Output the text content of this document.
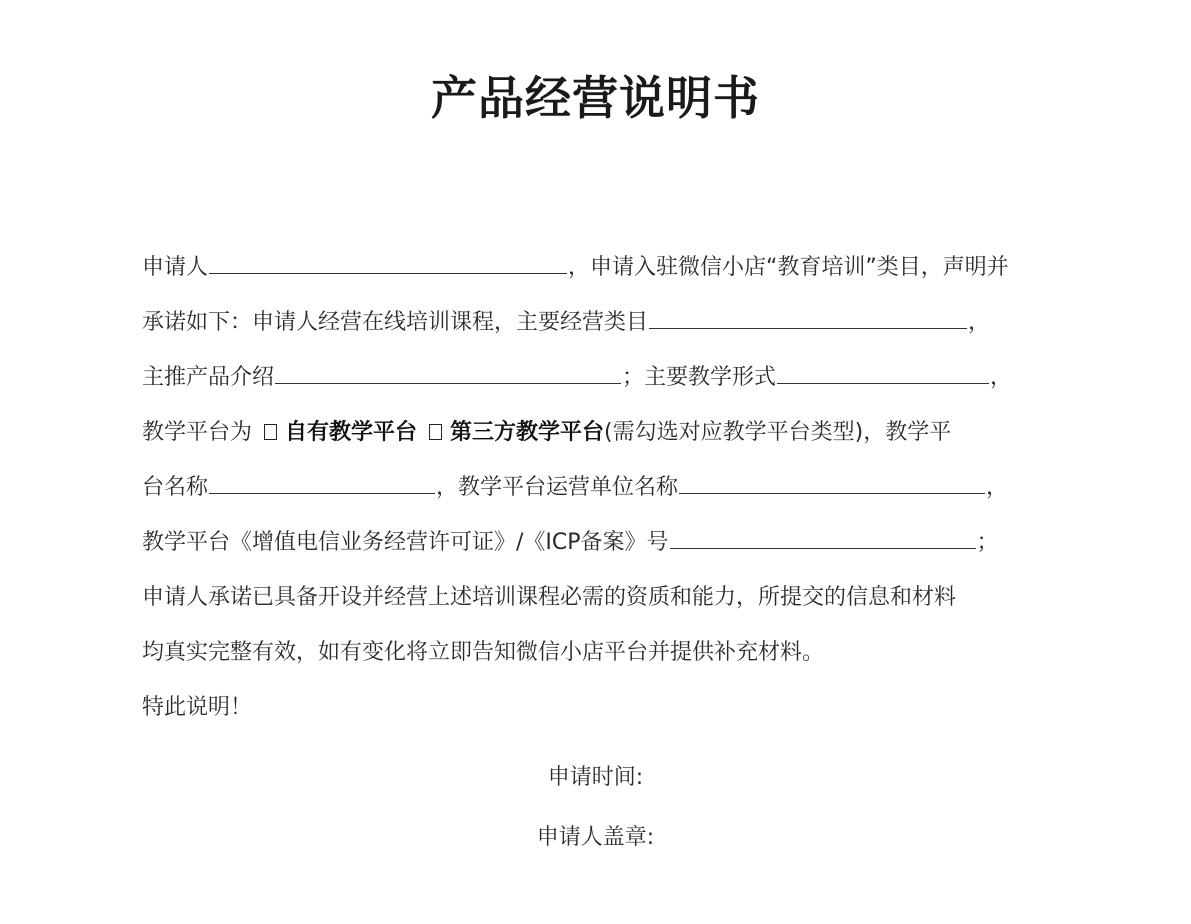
产品经营说明书
申请人	，申请入驻微信小店“教育培训”类目，声明并
承诺如下：申请人经营在线培训课程，主要经营类目	，
主推产品介绍	；主要教学形式	，
教学平台为 自有教学平台 第三方教学平台(需勾选对应教学平台类型)，教学平
台名称	，教学平台运营单位名称	，
教学平台《增值电信业务经营许可证》/《ICP备案》号	；
申请人承诺已具备开设并经营上述培训课程必需的资质和能力，所提交的信息和材料
均真实完整有效，如有变化将立即告知微信小店平台并提供补充材料。
特此说明！
申请时间:
申请人盖章:
